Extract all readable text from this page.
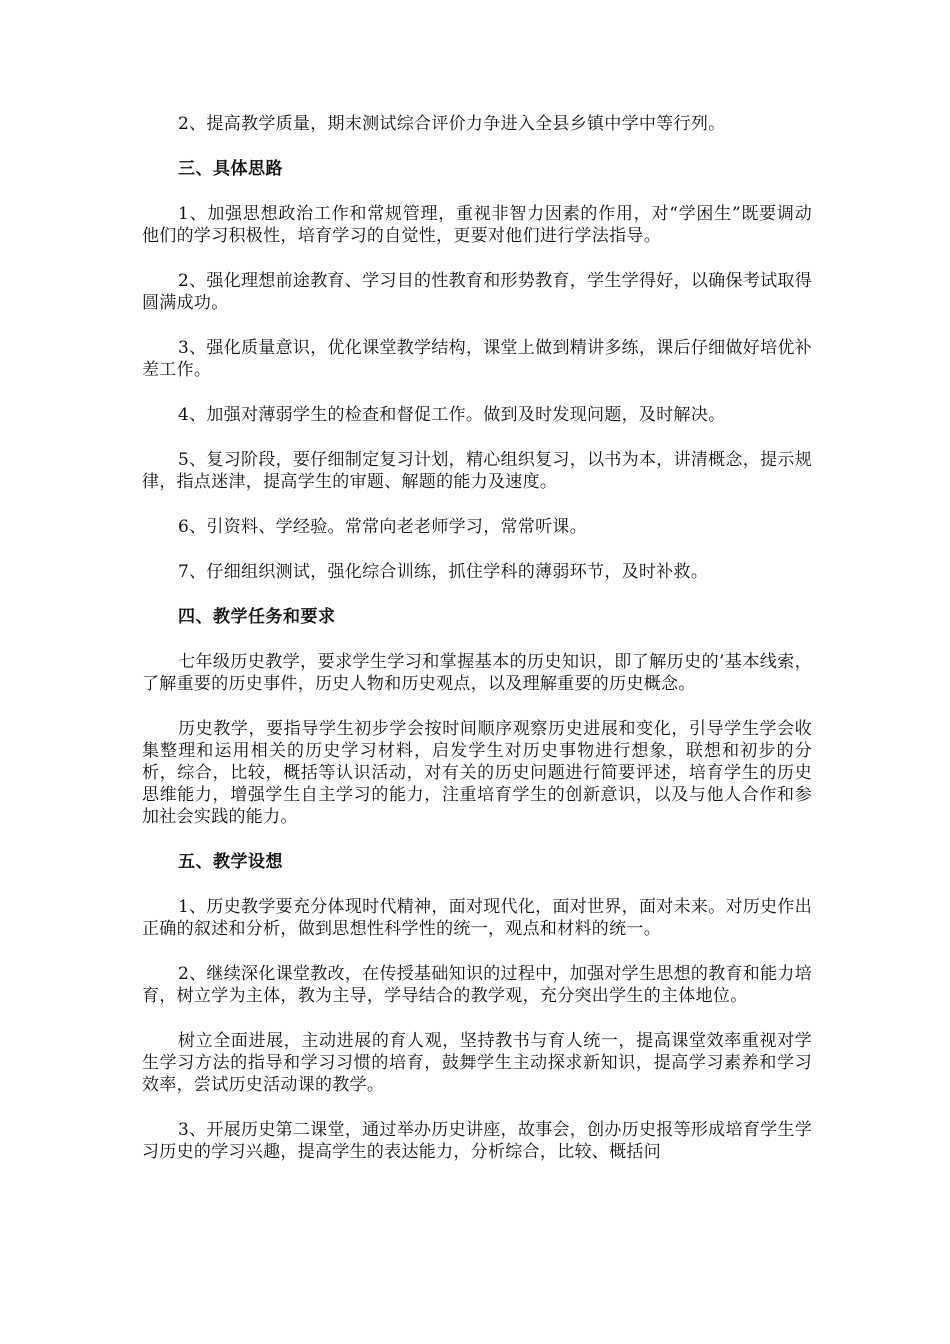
2、提高教学质量，期末测试综合评价力争进入全县乡镇中学中等行列。

三、具体思路

1、加强思想政治工作和常规管理，重视非智力因素的作用，对“学困生”既要调动他们的学习积极性，培育学习的自觉性，更要对他们进行学法指导。

2、强化理想前途教育、学习目的性教育和形势教育，学生学得好，以确保考试取得圆满成功。

3、强化质量意识，优化课堂教学结构，课堂上做到精讲多练，课后仔细做好培优补差工作。

4、加强对薄弱学生的检查和督促工作。做到及时发现问题，及时解决。

5、复习阶段，要仔细制定复习计划，精心组织复习，以书为本，讲清概念，提示规律，指点迷津，提高学生的审题、解题的能力及速度。

6、引资料、学经验。常常向老老师学习，常常听课。

7、仔细组织测试，强化综合训练，抓住学科的薄弱环节，及时补救。

四、教学任务和要求

七年级历史教学，要求学生学习和掌握基本的历史知识，即了解历史的’基本线索，了解重要的历史事件，历史人物和历史观点，以及理解重要的历史概念。

历史教学，要指导学生初步学会按时间顺序观察历史进展和变化，引导学生学会收集整理和运用相关的历史学习材料，启发学生对历史事物进行想象，联想和初步的分析，综合，比较，概括等认识活动，对有关的历史问题进行简要评述，培育学生的历史思维能力，增强学生自主学习的能力，注重培育学生的创新意识，以及与他人合作和参加社会实践的能力。

五、教学设想

1、历史教学要充分体现时代精神，面对现代化，面对世界，面对未来。对历史作出正确的叙述和分析，做到思想性科学性的统一，观点和材料的统一。

2、继续深化课堂教改，在传授基础知识的过程中，加强对学生思想的教育和能力培育，树立学为主体，教为主导，学导结合的教学观，充分突出学生的主体地位。

树立全面进展，主动进展的育人观，坚持教书与育人统一，提高课堂效率重视对学生学习方法的指导和学习习惯的培育，鼓舞学生主动探求新知识，提高学习素养和学习效率，尝试历史活动课的教学。

3、开展历史第二课堂，通过举办历史讲座，故事会，创办历史报等形成培育学生学习历史的学习兴趣，提高学生的表达能力，分析综合，比较、概括问
